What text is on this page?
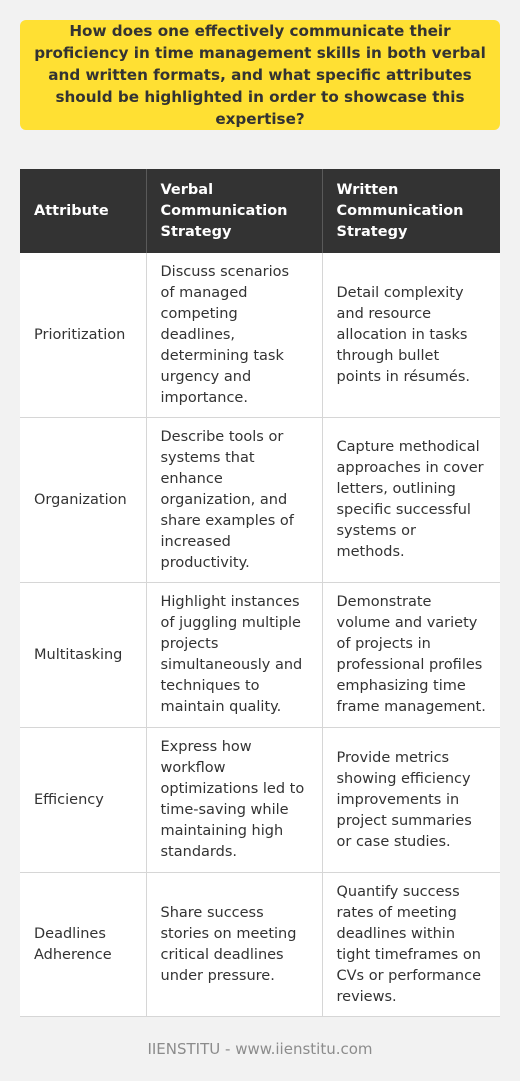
How does one effectively communicate their proficiency in time management skills in both verbal and written formats, and what specific attributes should be highlighted in order to showcase this expertise?
Attribute	Verbal Communication Strategy	Written Communication Strategy
Prioritization	Discuss scenarios of managed competing deadlines, determining task urgency and importance.	Detail complexity and resource allocation in tasks through bullet points in résumés.
Organization	Describe tools or systems that enhance organization, and share examples of increased productivity.	Capture methodical approaches in cover letters, outlining specific successful systems or methods.
Multitasking	Highlight instances of juggling multiple projects simultaneously and techniques to maintain quality.	Demonstrate volume and variety of projects in professional profiles emphasizing time frame management.
Efficiency	Express how workflow optimizations led to time-saving while maintaining high standards.	Provide metrics showing efficiency improvements in project summaries or case studies.
Deadlines Adherence	Share success stories on meeting critical deadlines under pressure.	Quantify success rates of meeting deadlines within tight timeframes on CVs or performance reviews.
IIENSTITU - www.iienstitu.com
